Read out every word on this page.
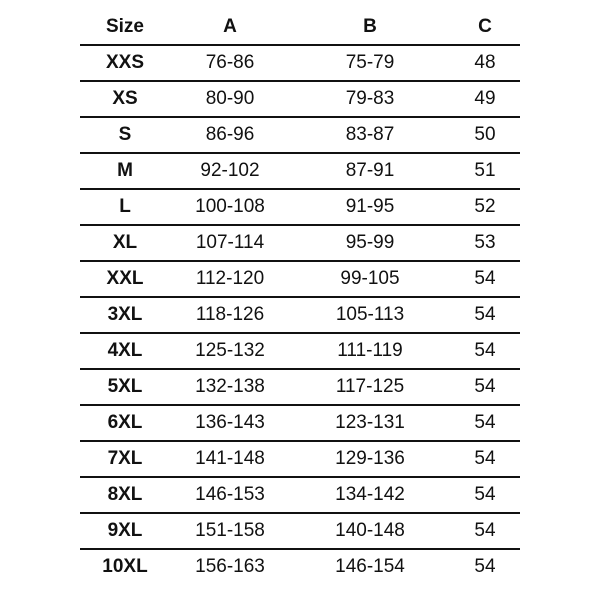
Size	A	B	C
XXS	76-86	75-79	48
XS	80-90	79-83	49
S	86-96	83-87	50
M	92-102	87-91	51
L	100-108	91-95	52
XL	107-114	95-99	53
XXL	112-120	99-105	54
3XL	118-126	105-113	54
4XL	125-132	111-119	54
5XL	132-138	117-125	54
6XL	136-143	123-131	54
7XL	141-148	129-136	54
8XL	146-153	134-142	54
9XL	151-158	140-148	54
10XL	156-163	146-154	54
